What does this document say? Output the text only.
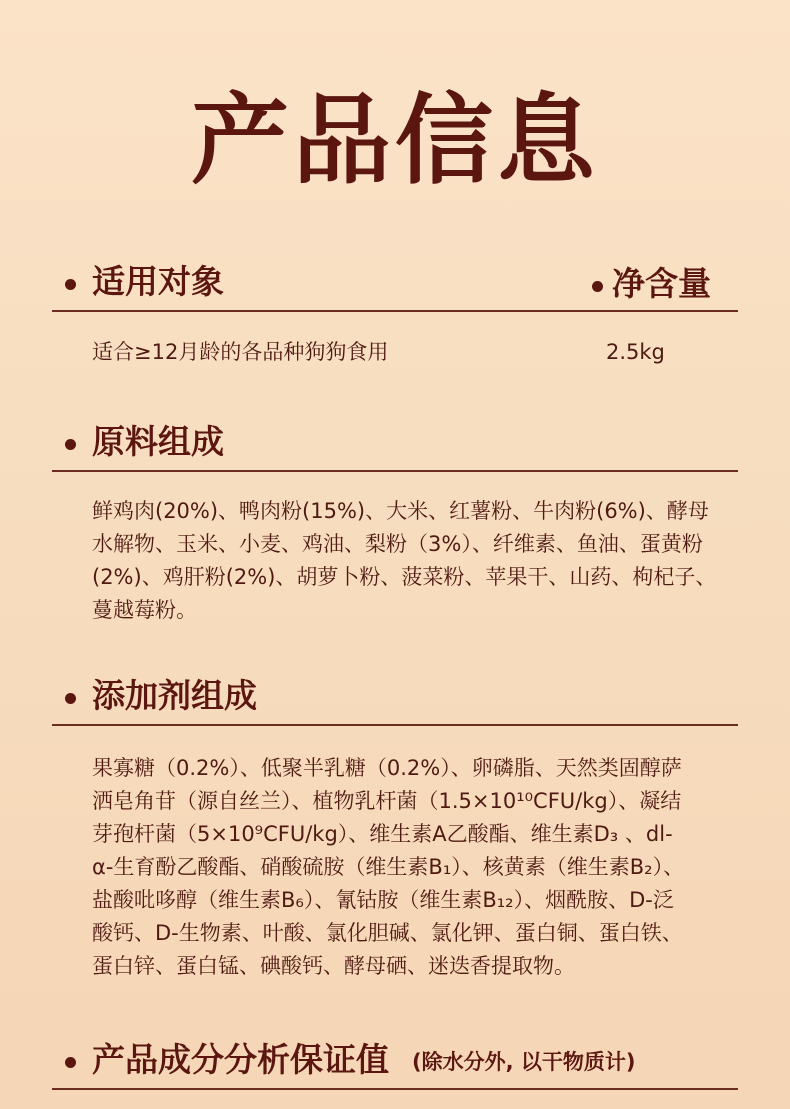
产品信息
适用对象	净含量
适合≥12月龄的各品种狗狗食用	2.5kg
原料组成
鲜鸡肉(20%)、鸭肉粉(15%)、大米、红薯粉、牛肉粉(6%)、酵母
水解物、玉米、小麦、鸡油、梨粉（3%）、纤维素、鱼油、蛋黄粉
(2%)、鸡肝粉(2%)、胡萝卜粉、菠菜粉、苹果干、山药、枸杞子、
蔓越莓粉。
添加剂组成
果寡糖（0.2%）、低聚半乳糖（0.2%）、卵磷脂、天然类固醇萨
洒皂角苷（源自丝兰）、植物乳杆菌（1.5×10¹⁰CFU/kg）、凝结
芽孢杆菌（5×10⁹CFU/kg）、维生素A乙酸酯、维生素D₃ 、dl-
α-生育酚乙酸酯、硝酸硫胺（维生素B₁）、核黄素（维生素B₂）、
盐酸吡哆醇（维生素B₆）、氰钴胺（维生素B₁₂）、烟酰胺、D-泛
酸钙、D-生物素、叶酸、氯化胆碱、氯化钾、蛋白铜、蛋白铁、
蛋白锌、蛋白锰、碘酸钙、酵母硒、迷迭香提取物。
产品成分分析保证值 (除水分外, 以干物质计)
